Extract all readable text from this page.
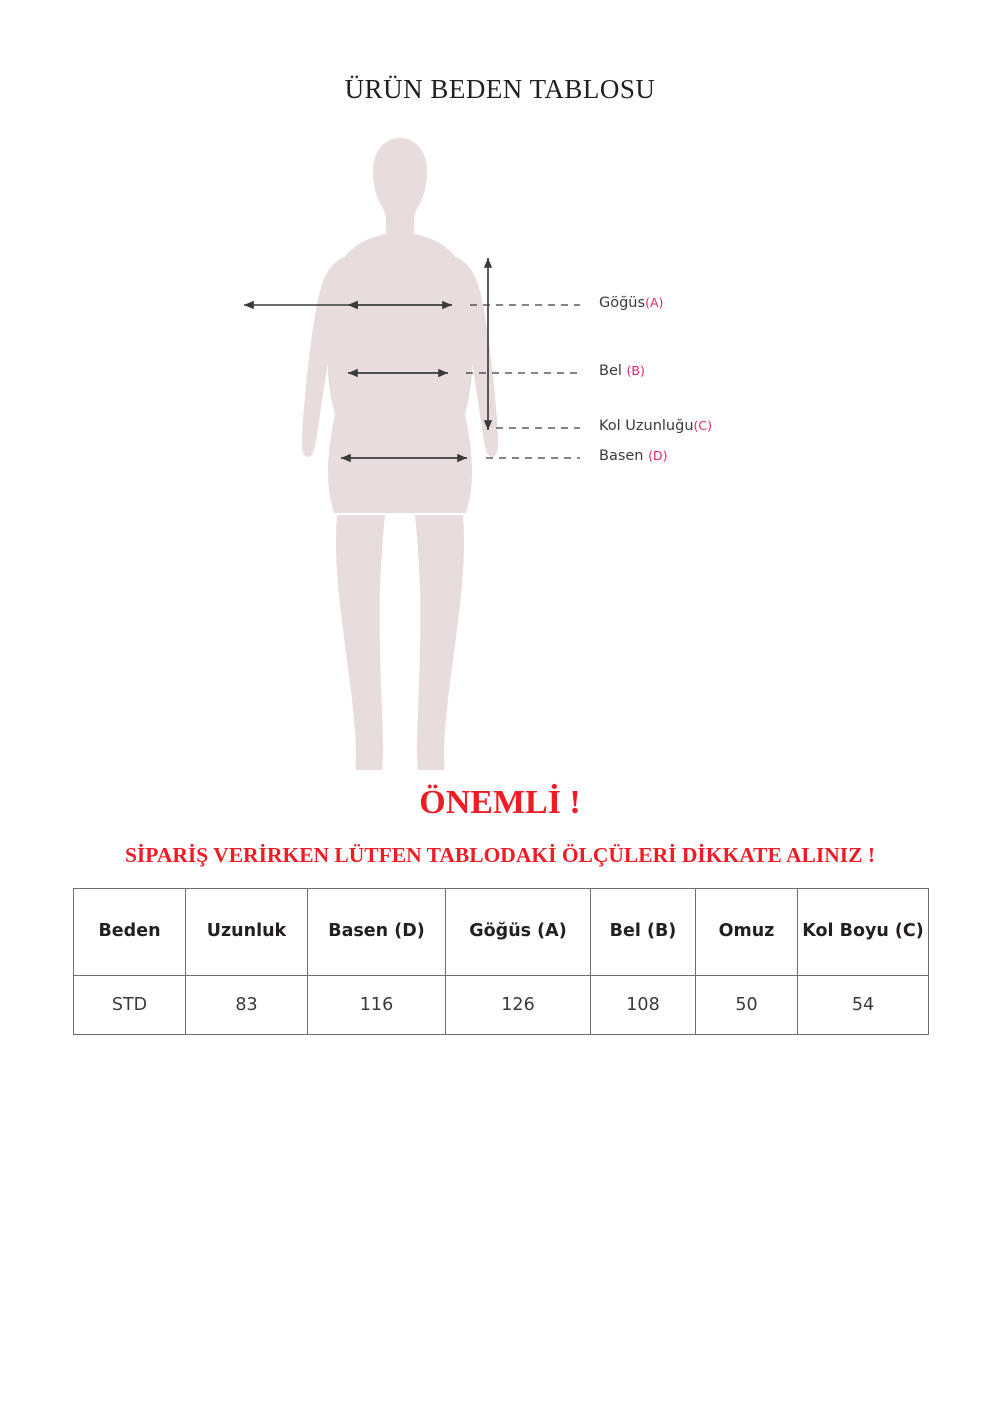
ÜRÜN BEDEN TABLOSU
Göğüs(A)
Bel (B)
Kol Uzunluğu(C)
Basen (D)
ÖNEMLİ !
SİPARİŞ VERİRKEN LÜTFEN TABLODAKİ ÖLÇÜLERİ DİKKATE ALINIZ !
Beden	Uzunluk	Basen (D)	Göğüs (A)	Bel (B)	Omuz	Kol Boyu (C)
STD	83	116	126	108	50	54
